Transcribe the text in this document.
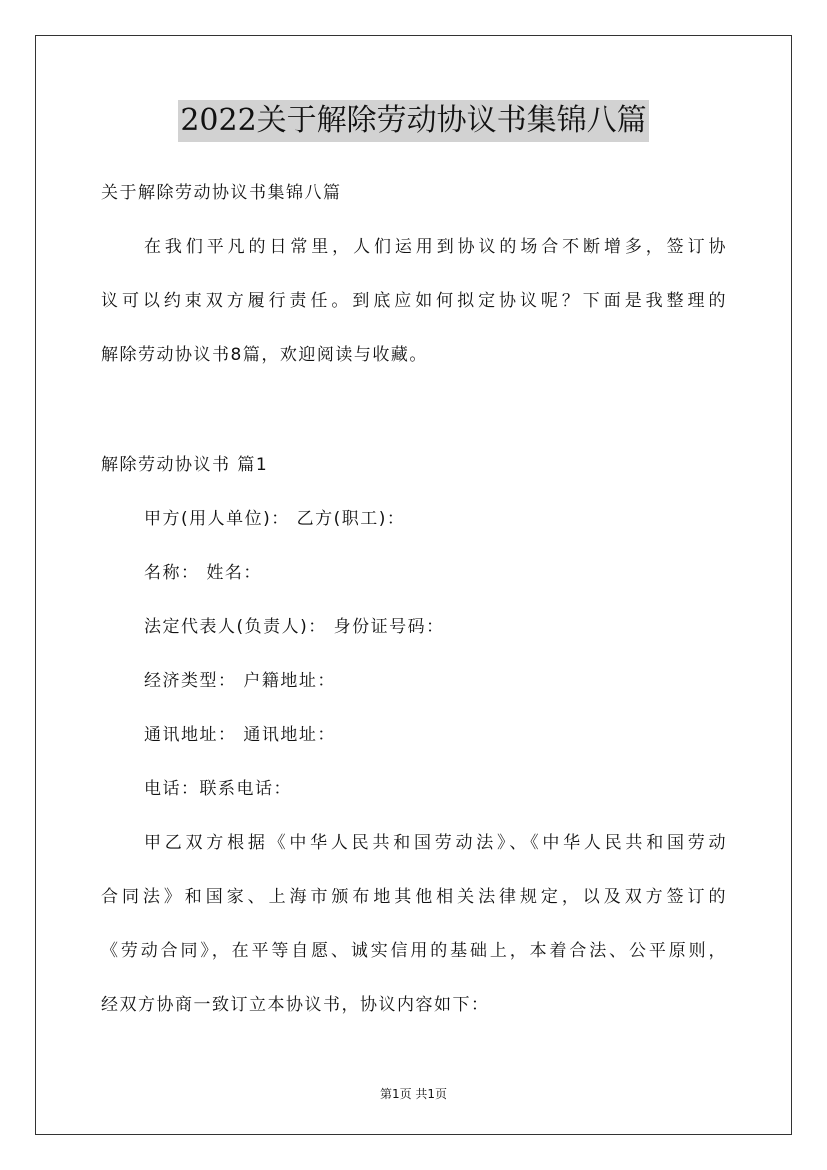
2022关于解除劳动协议书集锦八篇
关于解除劳动协议书集锦八篇
在我们平凡的日常里，人们运用到协议的场合不断增多，签订协
议可以约束双方履行责任。到底应如何拟定协议呢？下面是我整理的
解除劳动协议书8篇，欢迎阅读与收藏。
解除劳动协议书 篇1
甲方(用人单位)： 乙方(职工)：
名称： 姓名：
法定代表人(负责人)： 身份证号码：
经济类型： 户籍地址：
通讯地址： 通讯地址：
电话：联系电话：
甲乙双方根据《中华人民共和国劳动法》、《中华人民共和国劳动
合同法》和国家、上海市颁布地其他相关法律规定，以及双方签订的
《劳动合同》，在平等自愿、诚实信用的基础上，本着合法、公平原则，
经双方协商一致订立本协议书，协议内容如下：
第1页 共1页
